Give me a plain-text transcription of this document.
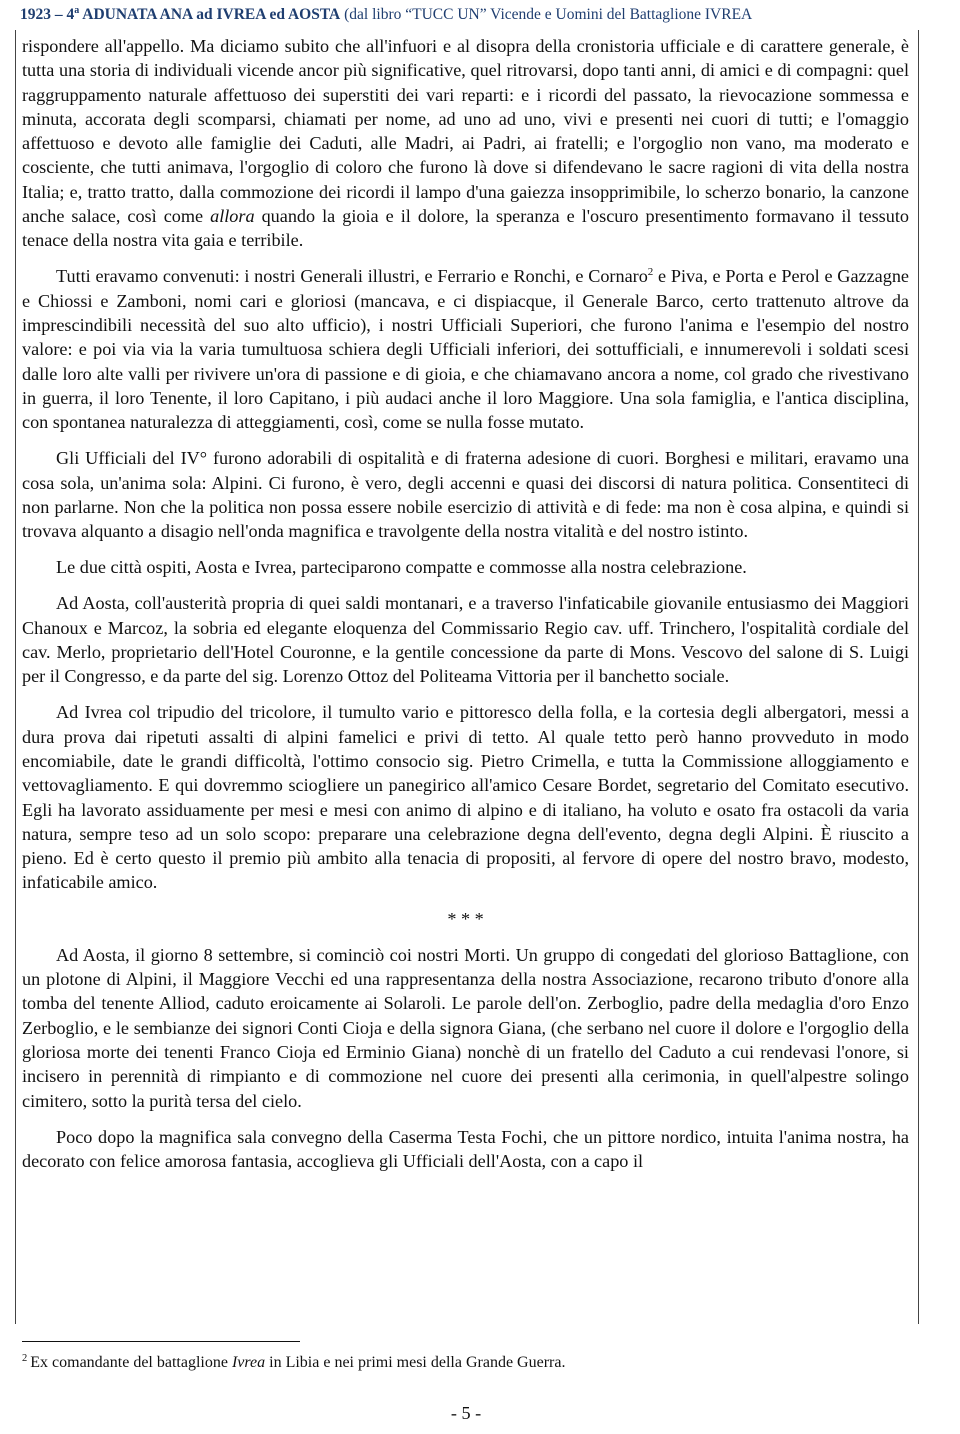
1923 – 4$^a$ ADUNATA ANA ad IVREA ed AOSTA (dal libro “TUCC UN” Vicende e Uomini del Battaglione IVREA

rispondere all'appello. Ma diciamo subito che all'infuori e al disopra della cronistoria ufficiale e di carattere generale, è tutta una storia di individuali vicende ancor più significative, quel ritrovarsi, dopo tanti anni, di amici e di compagni: quel raggruppamento naturale affettuoso dei superstiti dei vari reparti: e i ricordi del passato, la rievocazione sommessa e minuta, accorata degli scomparsi, chiamati per nome, ad uno ad uno, vivi e presenti nei cuori di tutti; e l'omaggio affettuoso e devoto alle famiglie dei Caduti, alle Madri, ai Padri, ai fratelli; e l'orgoglio non vano, ma moderato e cosciente, che tutti animava, l'orgoglio di coloro che furono là dove si difendevano le sacre ragioni di vita della nostra Italia; e, tratto tratto, dalla commozione dei ricordi il lampo d'una gaiezza insopprimibile, lo scherzo bonario, la canzone anche salace, così come allora quando la gioia e il dolore, la speranza e l'oscuro presentimento formavano il tessuto tenace della nostra vita gaia e terribile.

Tutti eravamo convenuti: i nostri Generali illustri, e Ferrario e Ronchi, e Cornaro$^2$ e Piva, e Porta e Perol e Gazzagne e Chiossi e Zamboni, nomi cari e gloriosi (mancava, e ci dispiacque, il Generale Barco, certo trattenuto altrove da imprescindibili necessità del suo alto ufficio), i nostri Ufficiali Superiori, che furono l'anima e l'esempio del nostro valore: e poi via via la varia tumultuosa schiera degli Ufficiali inferiori, dei sottufficiali, e innumerevoli i soldati scesi dalle loro alte valli per rivivere un'ora di passione e di gioia, e che chiamavano ancora a nome, col grado che rivestivano in guerra, il loro Tenente, il loro Capitano, i più audaci anche il loro Maggiore. Una sola famiglia, e l'antica disciplina, con spontanea naturalezza di atteggiamenti, così, come se nulla fosse mutato.

Gli Ufficiali del IV° furono adorabili di ospitalità e di fraterna adesione di cuori. Borghesi e militari, eravamo una cosa sola, un'anima sola: Alpini. Ci furono, è vero, degli accenni e quasi dei discorsi di natura politica. Consentiteci di non parlarne. Non che la politica non possa essere nobile esercizio di attività e di fede: ma non è cosa alpina, e quindi si trovava alquanto a disagio nell'onda magnifica e travolgente della nostra vitalità e del nostro istinto.

Le due città ospiti, Aosta e Ivrea, parteciparono compatte e commosse alla nostra celebrazione.

Ad Aosta, coll'austerità propria di quei saldi montanari, e a traverso l'infaticabile giovanile entusiasmo dei Maggiori Chanoux e Marcoz, la sobria ed elegante eloquenza del Commissario Regio cav. uff. Trinchero, l'ospitalità cordiale del cav. Merlo, proprietario dell'Hotel Couronne, e la gentile concessione da parte di Mons. Vescovo del salone di S. Luigi per il Congresso, e da parte del sig. Lorenzo Ottoz del Politeama Vittoria per il banchetto sociale.

Ad Ivrea col tripudio del tricolore, il tumulto vario e pittoresco della folla, e la cortesia degli albergatori, messi a dura prova dai ripetuti assalti di alpini famelici e privi di tetto. Al quale tetto però hanno provveduto in modo encomiabile, date le grandi difficoltà, l'ottimo consocio sig. Pietro Crimella, e tutta la Commissione alloggiamento e vettovagliamento. E qui dovremmo sciogliere un panegirico all'amico Cesare Bordet, segretario del Comitato esecutivo. Egli ha lavorato assiduamente per mesi e mesi con animo di alpino e di italiano, ha voluto e osato fra ostacoli da varia natura, sempre teso ad un solo scopo: preparare una celebrazione degna dell'evento, degna degli Alpini. È riuscito a pieno. Ed è certo questo il premio più ambito alla tenacia di propositi, al fervore di opere del nostro bravo, modesto, infaticabile amico.

* * *

Ad Aosta, il giorno 8 settembre, si cominciò coi nostri Morti. Un gruppo di congedati del glorioso Battaglione, con un plotone di Alpini, il Maggiore Vecchi ed una rappresentanza della nostra Associazione, recarono tributo d'onore alla tomba del tenente Alliod, caduto eroicamente ai Solaroli. Le parole dell'on. Zerboglio, padre della medaglia d'oro Enzo Zerboglio, e le sembianze dei signori Conti Cioja e della signora Giana, (che serbano nel cuore il dolore e l'orgoglio della gloriosa morte dei tenenti Franco Cioja ed Erminio Giana) nonchè di un fratello del Caduto a cui rendevasi l'onore, si incisero in perennità di rimpianto e di commozione nel cuore dei presenti alla cerimonia, in quell'alpestre solingo cimitero, sotto la purità tersa del cielo.

Poco dopo la magnifica sala convegno della Caserma Testa Fochi, che un pittore nordico, intuita l'anima nostra, ha decorato con felice amorosa fantasia, accoglieva gli Ufficiali dell'Aosta, con a capo il

$^2$ Ex comandante del battaglione Ivrea in Libia e nei primi mesi della Grande Guerra.
- 5 -
